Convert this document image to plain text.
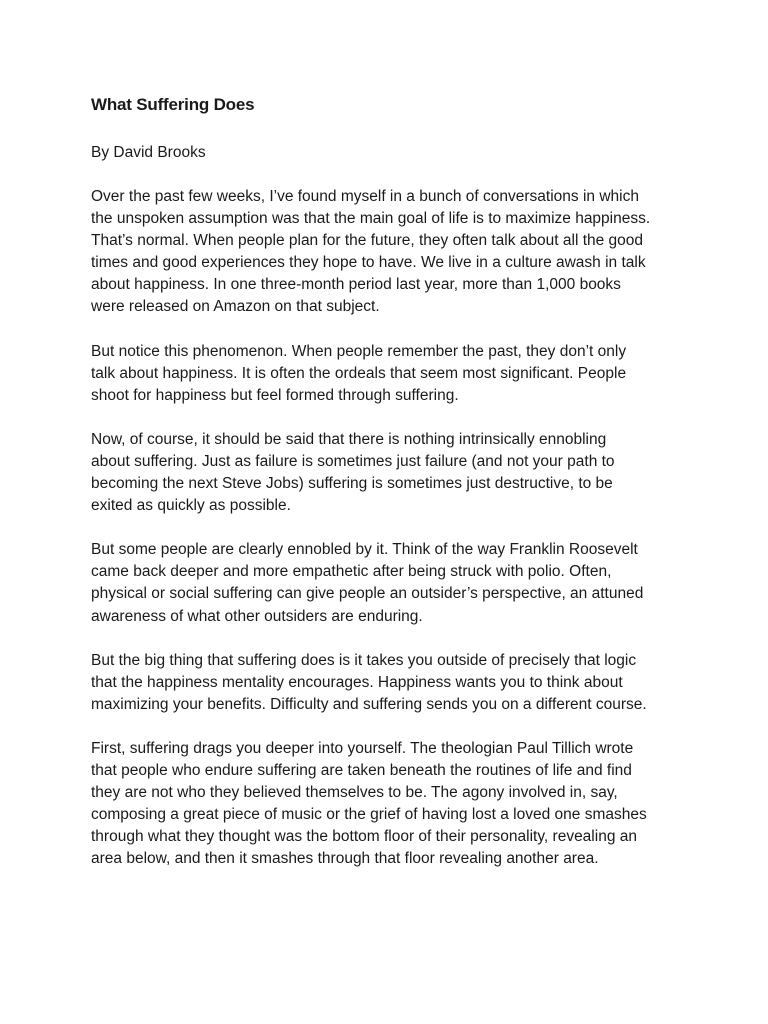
What Suffering Does

By David Brooks

Over the past few weeks, I’ve found myself in a bunch of conversations in which
the unspoken assumption was that the main goal of life is to maximize happiness.
That’s normal. When people plan for the future, they often talk about all the good
times and good experiences they hope to have. We live in a culture awash in talk
about happiness. In one three-month period last year, more than 1,000 books
were released on Amazon on that subject.
But notice this phenomenon. When people remember the past, they don’t only
talk about happiness. It is often the ordeals that seem most significant. People
shoot for happiness but feel formed through suffering.
Now, of course, it should be said that there is nothing intrinsically ennobling
about suffering. Just as failure is sometimes just failure (and not your path to
becoming the next Steve Jobs) suffering is sometimes just destructive, to be
exited as quickly as possible.
But some people are clearly ennobled by it. Think of the way Franklin Roosevelt
came back deeper and more empathetic after being struck with polio. Often,
physical or social suffering can give people an outsider’s perspective, an attuned
awareness of what other outsiders are enduring.
But the big thing that suffering does is it takes you outside of precisely that logic
that the happiness mentality encourages. Happiness wants you to think about
maximizing your benefits. Difficulty and suffering sends you on a different course.
First, suffering drags you deeper into yourself. The theologian Paul Tillich wrote
that people who endure suffering are taken beneath the routines of life and find
they are not who they believed themselves to be. The agony involved in, say,
composing a great piece of music or the grief of having lost a loved one smashes
through what they thought was the bottom floor of their personality, revealing an
area below, and then it smashes through that floor revealing another area.
